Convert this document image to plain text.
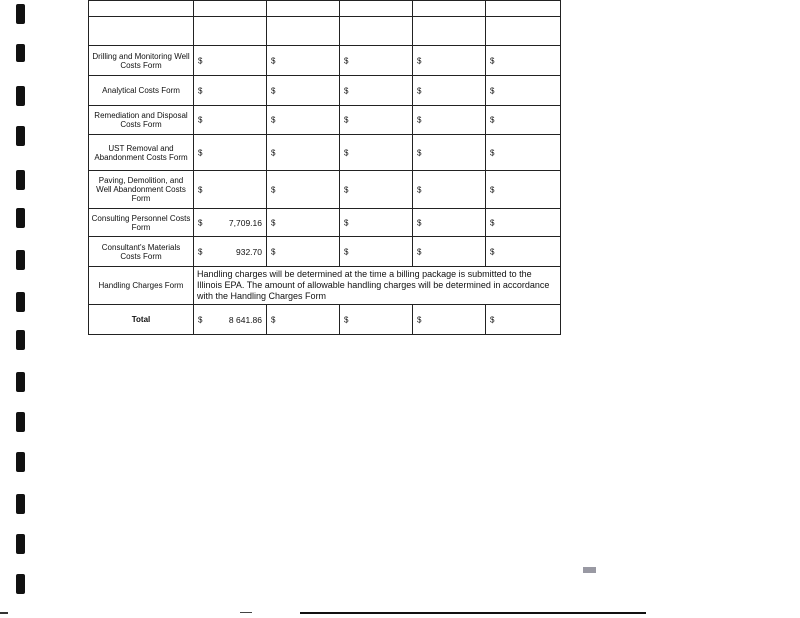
Drilling and Monitoring Well Costs Form	$	$	$	$	$

Analytical Costs Form	$	$	$	$	$

Remediation and Disposal Costs Form	$	$	$	$	$

UST Removal and Abandonment Costs Form	$	$	$	$	$

Paving, Demolition, and Well Abandonment Costs Form	$	$	$	$	$

Consulting Personnel Costs Form	$ 7,709.16	$	$	$	$

Consultant's Materials Costs Form	$ 932.70	$	$	$	$

Handling Charges Form	Handling charges will be determined at the time a billing package is submitted to the Illinois EPA. The amount of allowable handling charges will be determined in accordance with the Handling Charges Form				
Total	$ 8 641.86	$	$	$	$
